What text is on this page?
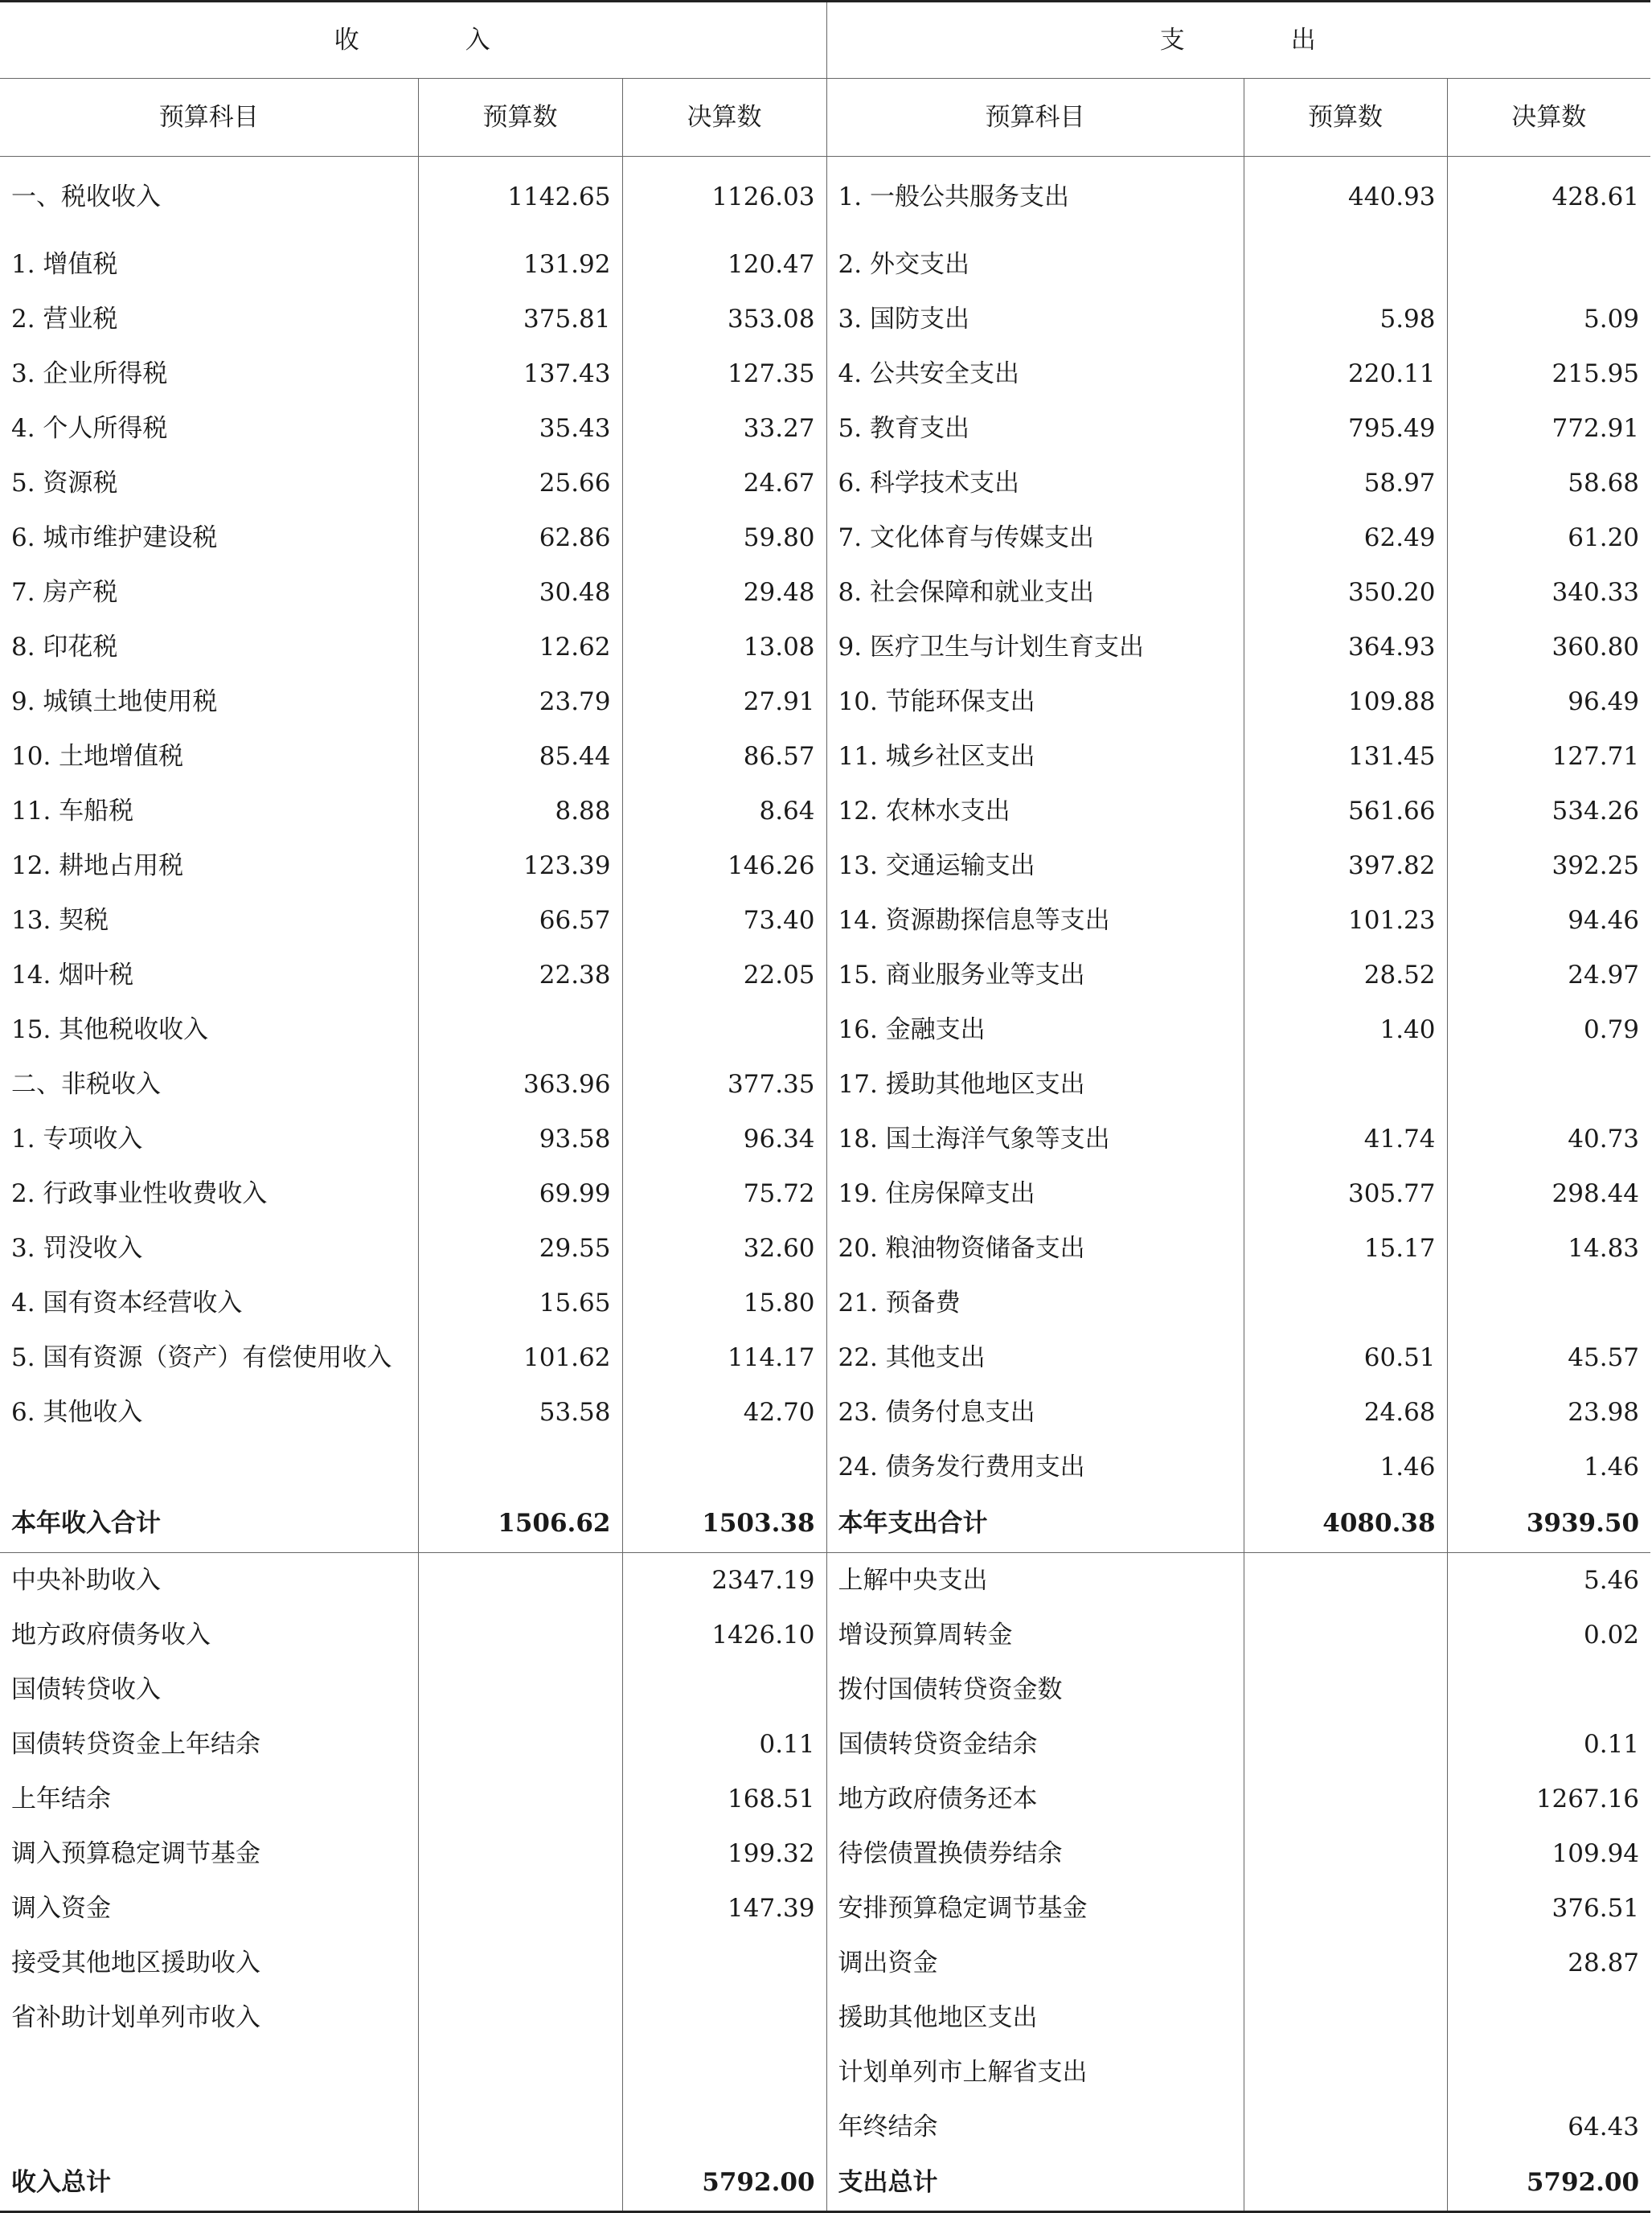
收 入			支 出		
预算科目	预算数	决算数	预算科目	预算数	决算数
一、税收收入	1142.65	1126.03	1. 一般公共服务支出	440.93	428.61
1. 增值税	131.92	120.47	2. 外交支出		
2. 营业税	375.81	353.08	3. 国防支出	5.98	5.09
3. 企业所得税	137.43	127.35	4. 公共安全支出	220.11	215.95
4. 个人所得税	35.43	33.27	5. 教育支出	795.49	772.91
5. 资源税	25.66	24.67	6. 科学技术支出	58.97	58.68
6. 城市维护建设税	62.86	59.80	7. 文化体育与传媒支出	62.49	61.20
7. 房产税	30.48	29.48	8. 社会保障和就业支出	350.20	340.33
8. 印花税	12.62	13.08	9. 医疗卫生与计划生育支出	364.93	360.80
9. 城镇土地使用税	23.79	27.91	10. 节能环保支出	109.88	96.49
10. 土地增值税	85.44	86.57	11. 城乡社区支出	131.45	127.71
11. 车船税	8.88	8.64	12. 农林水支出	561.66	534.26
12. 耕地占用税	123.39	146.26	13. 交通运输支出	397.82	392.25
13. 契税	66.57	73.40	14. 资源勘探信息等支出	101.23	94.46
14. 烟叶税	22.38	22.05	15. 商业服务业等支出	28.52	24.97
15. 其他税收收入			16. 金融支出	1.40	0.79
二、非税收入	363.96	377.35	17. 援助其他地区支出		
1. 专项收入	93.58	96.34	18. 国土海洋气象等支出	41.74	40.73
2. 行政事业性收费收入	69.99	75.72	19. 住房保障支出	305.77	298.44
3. 罚没收入	29.55	32.60	20. 粮油物资储备支出	15.17	14.83
4. 国有资本经营收入	15.65	15.80	21. 预备费		
5. 国有资源（资产）有偿使用收入	101.62	114.17	22. 其他支出	60.51	45.57
6. 其他收入	53.58	42.70	23. 债务付息支出	24.68	23.98
			24. 债务发行费用支出	1.46	1.46
本年收入合计	1506.62	1503.38	本年支出合计	4080.38	3939.50
中央补助收入		2347.19	上解中央支出		5.46
地方政府债务收入		1426.10	增设预算周转金		0.02
国债转贷收入			拨付国债转贷资金数		
国债转贷资金上年结余		0.11	国债转贷资金结余		0.11
上年结余		168.51	地方政府债务还本		1267.16
调入预算稳定调节基金		199.32	待偿债置换债券结余		109.94
调入资金		147.39	安排预算稳定调节基金		376.51
接受其他地区援助收入			调出资金		28.87
省补助计划单列市收入			援助其他地区支出		
			计划单列市上解省支出		
			年终结余		64.43
收入总计		5792.00	支出总计		5792.00
